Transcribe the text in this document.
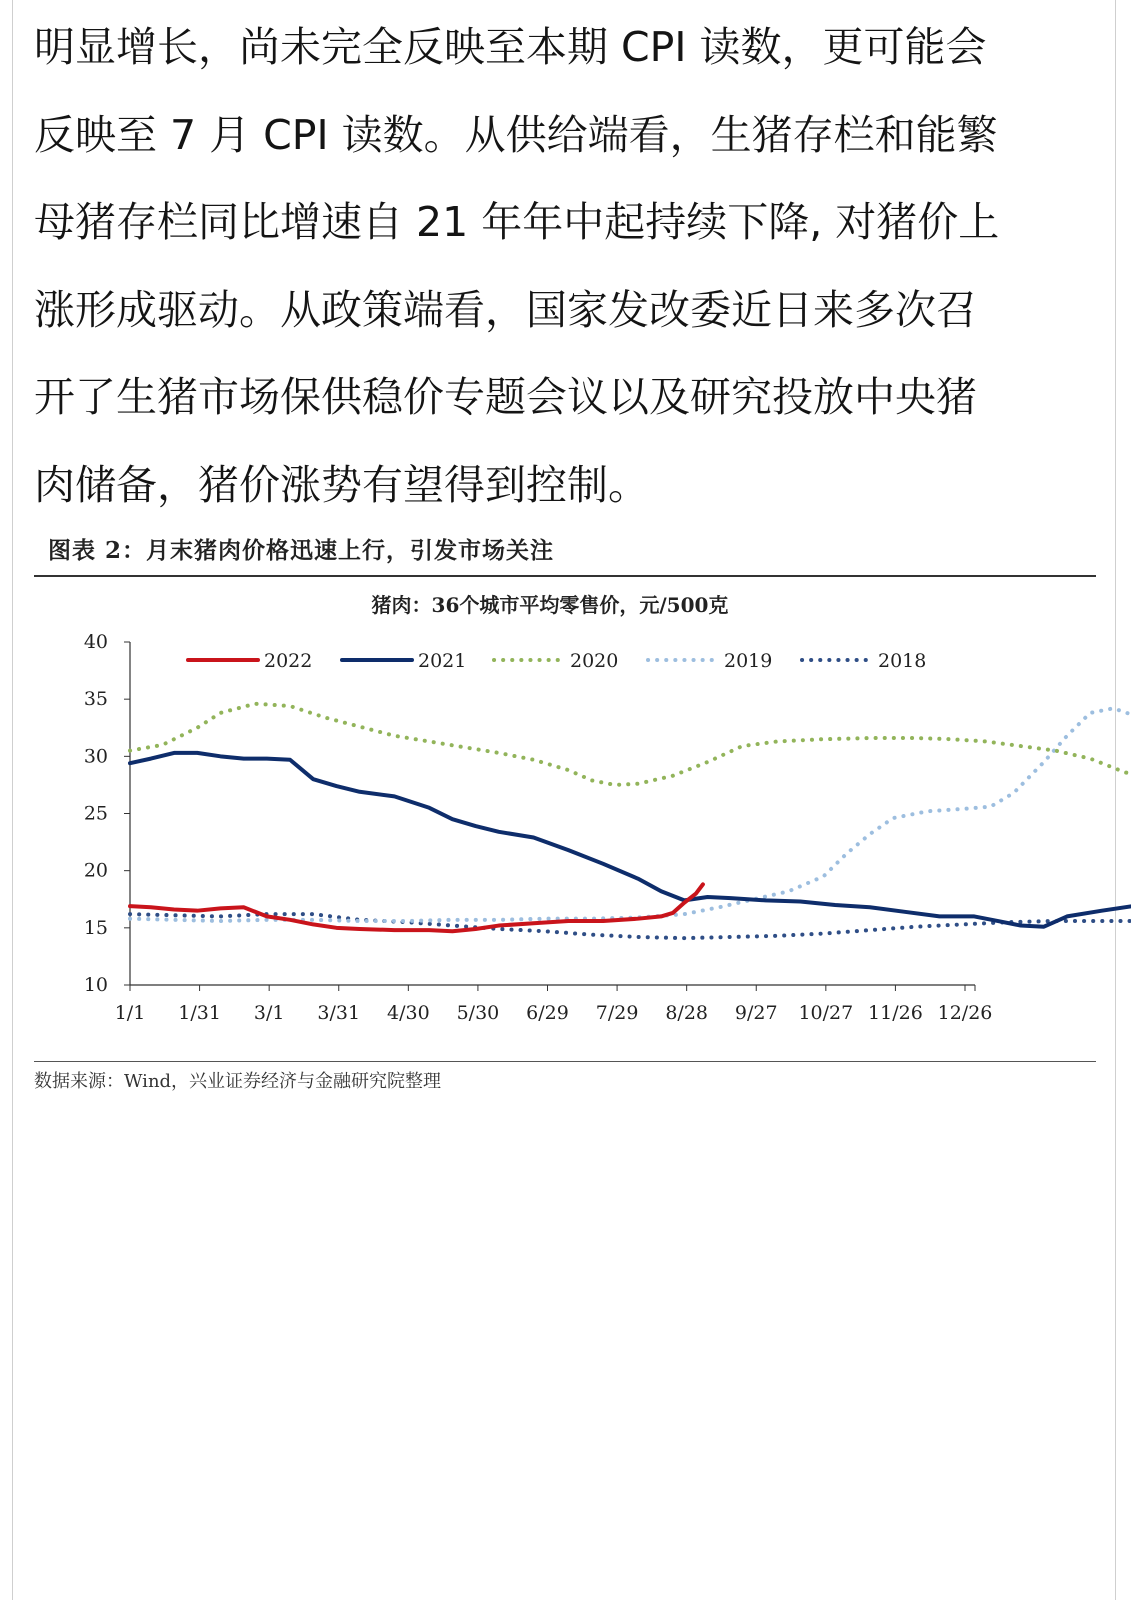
明显增长，尚未完全反映至本期 CPI 读数，更可能会
反映至 7 月 CPI 读数。从供给端看，生猪存栏和能繁
母猪存栏同比增速自 21 年年中起持续下降, 对猪价上
涨形成驱动。从政策端看，国家发改委近日来多次召
开了生猪市场保供稳价专题会议以及研究投放中央猪
肉储备，猪价涨势有望得到控制。
图表 2：月末猪肉价格迅速上行，引发市场关注
猪肉：36个城市平均零售价，元/500克
10
15
20
25
30
35
40
1/1 1/31 3/1 3/31 4/30 5/30 6/29 7/29 8/28 9/27 10/27 11/26 12/26
2022	2021	2020	2019	2018
数据来源：Wind，兴业证券经济与金融研究院整理
